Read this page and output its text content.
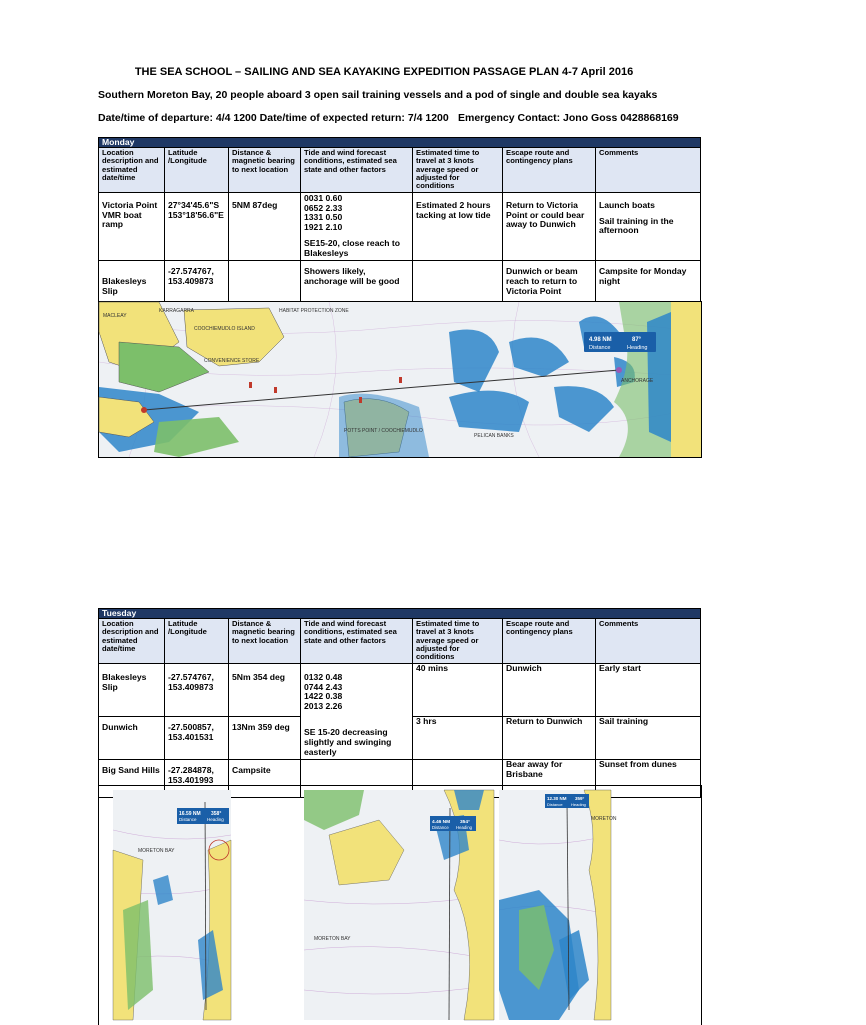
THE SEA SCHOOL – SAILING AND SEA KAYAKING EXPEDITION PASSAGE PLAN 4-7 April 2016
Southern Moreton Bay, 20 people aboard 3 open sail training vessels and a pod of single and double sea kayaks
Date/time of departure: 4/4 1200 Date/time of expected return: 7/4 1200 Emergency Contact: Jono Goss 0428868169
Monday						
Location description and estimated date/time	Latitude /Longitude	Distance & magnetic bearing to next location	Tide and wind forecast conditions, estimated sea state and other factors	Estimated time to travel at 3 knots average speed or adjusted for conditions	Escape route and contingency plans	Comments
Victoria Point VMR boat ramp	27°34'45.6"S 153°18'56.6"E	5NM 87deg	0031 0.60
0652 2.33
1331 0.50
1921 2.10
SE15-20, close reach to Blakesleys	Estimated 2 hours tacking at low tide	Return to Victoria Point or could bear away to Dunwich	Launch boats
Sail training in the afternoon

Blakesleys Slip	-27.574767, 153.409873		Showers likely, anchorage will be good		Dunwich or beam reach to return to Victoria Point	Campsite for Monday night
COOCHIEMUDLO ISLAND
CONVENIENCE STORE
HABITAT PROTECTION ZONE
POTTS POINT / COOCHIEMUDLO
PELICAN BANKS
ANCHORAGE
MACLEAY
KARRAGARRA
4.98 NM	87°
Distance	Heading
Tuesday						
Location description and estimated date/time	Latitude /Longitude	Distance & magnetic bearing to next location	Tide and wind forecast conditions, estimated sea state and other factors	Estimated time to travel at 3 knots average speed or adjusted for conditions	Escape route and contingency plans	Comments
Blakesleys Slip	-27.574767, 153.409873	5Nm 354 deg	0132 0.48
0744 2.43
1422 0.38
2013 2.26
SE 15-20 decreasing slightly and swinging easterly	40 mins	Dunwich	Early start
Dunwich	-27.500857, 153.401531	13Nm 359 deg		3 hrs	Return to Dunwich	Sail training
Big Sand Hills	-27.284878, 153.401993	Campsite			Bear away for Brisbane	Sunset from dunes
MORETON BAY
16.59 NM 358°
Distance Heading
MORETON BAY
4.46 NM 354°
Distance Heading
MORETON
12.30 NM 359°
Distance Heading
